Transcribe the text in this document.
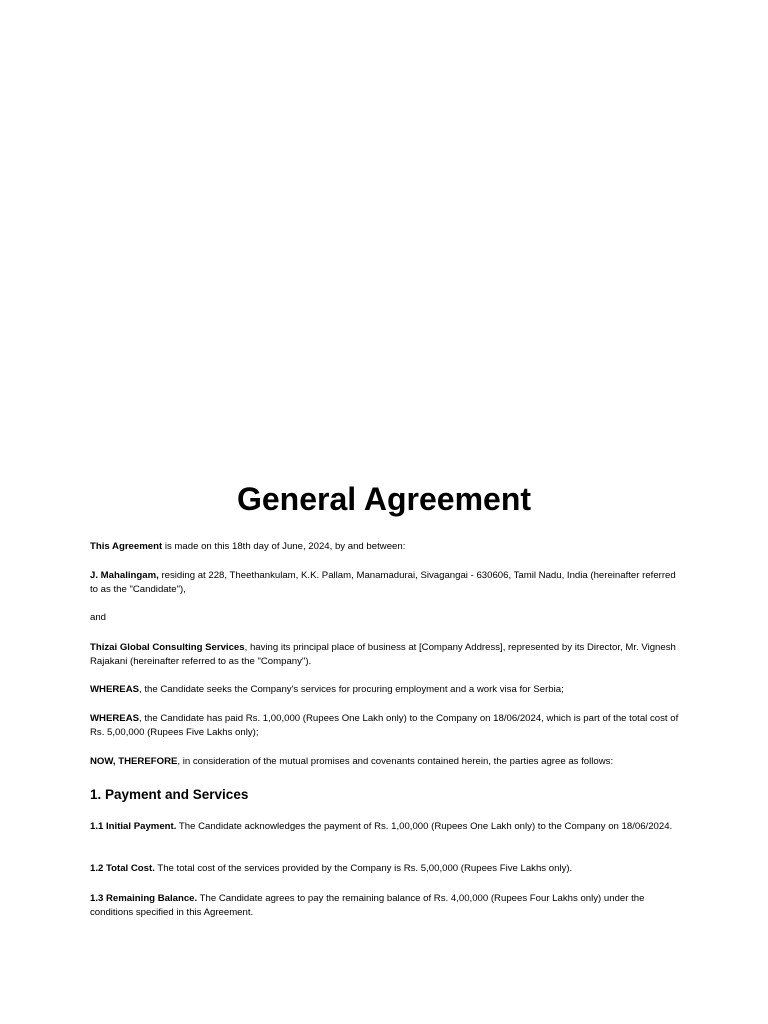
General Agreement

This Agreement is made on this 18th day of June, 2024, by and between:

J. Mahalingam, residing at 228, Theethankulam, K.K. Pallam, Manamadurai, Sivagangai - 630606, Tamil Nadu, India (hereinafter referred to as the "Candidate"),

and

Thizai Global Consulting Services, having its principal place of business at [Company Address], represented by its Director, Mr. Vignesh Rajakani (hereinafter referred to as the "Company").

WHEREAS, the Candidate seeks the Company's services for procuring employment and a work visa for Serbia;

WHEREAS, the Candidate has paid Rs. 1,00,000 (Rupees One Lakh only) to the Company on 18/06/2024, which is part of the total cost of Rs. 5,00,000 (Rupees Five Lakhs only);

NOW, THEREFORE, in consideration of the mutual promises and covenants contained herein, the parties agree as follows:

1. Payment and Services

1.1 Initial Payment. The Candidate acknowledges the payment of Rs. 1,00,000 (Rupees One Lakh only) to the Company on 18/06/2024.

1.2 Total Cost. The total cost of the services provided by the Company is Rs. 5,00,000 (Rupees Five Lakhs only).

1.3 Remaining Balance. The Candidate agrees to pay the remaining balance of Rs. 4,00,000 (Rupees Four Lakhs only) under the conditions specified in this Agreement.
